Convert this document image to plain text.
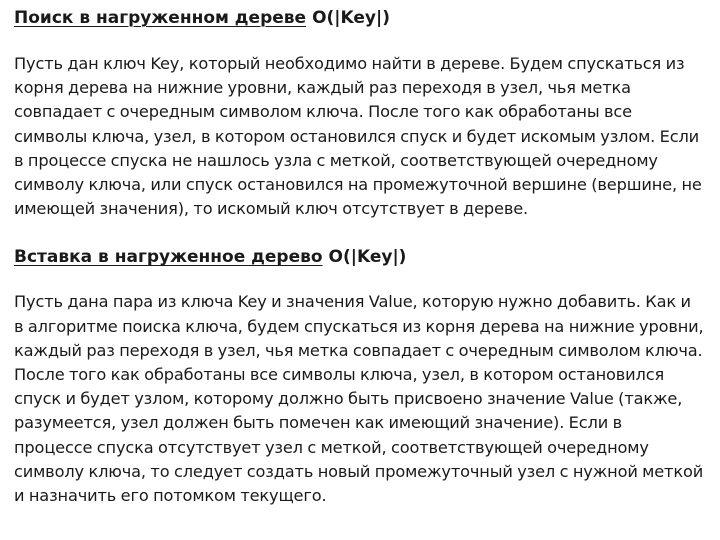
Поиск в нагруженном дереве O(|Key|)

Пусть дан ключ Key, который необходимо найти в дереве. Будем спускаться из корня дерева на нижние уровни, каждый раз переходя в узел, чья метка совпадает с очередным символом ключа. После того как обработаны все символы ключа, узел, в котором остановился спуск и будет искомым узлом. Если в процессе спуска не нашлось узла с меткой, соответствующей очередному символу ключа, или спуск остановился на промежуточной вершине (вершине, не имеющей значения), то искомый ключ отсутствует в дереве.

Вставка в нагруженное дерево O(|Key|)

Пусть дана пара из ключа Key и значения Value, которую нужно добавить. Как и в алгоритме поиска ключа, будем спускаться из корня дерева на нижние уровни, каждый раз переходя в узел, чья метка совпадает с очередным символом ключа. После того как обработаны все символы ключа, узел, в котором остановился спуск и будет узлом, которому должно быть присвоено значение Value (также, разумеется, узел должен быть помечен как имеющий значение). Если в процессе спуска отсутствует узел с меткой, соответствующей очередному символу ключа, то следует создать новый промежуточный узел с нужной меткой и назначить его потомком текущего.
